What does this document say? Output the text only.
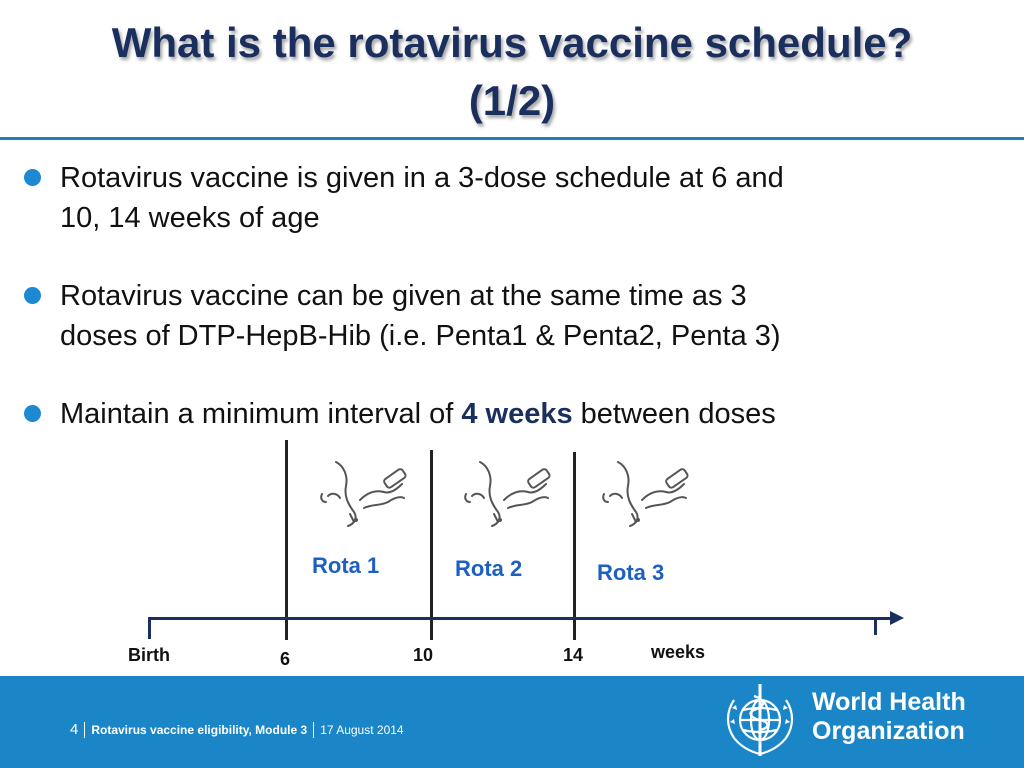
What is the rotavirus vaccine schedule?
(1/2)
Rotavirus vaccine is given in a 3-dose schedule at 6 and
10, 14 weeks of age
Rotavirus vaccine can be given at the same time as 3
doses of DTP-HepB-Hib (i.e. Penta1 & Penta2, Penta 3)
Maintain a minimum interval of 4 weeks between doses
Rota 1	Rota 2	Rota 3
Birth	6	10	14	weeks
4 Rotavirus vaccine eligibility, Module 3 17 August 2014
World Health
Organization
